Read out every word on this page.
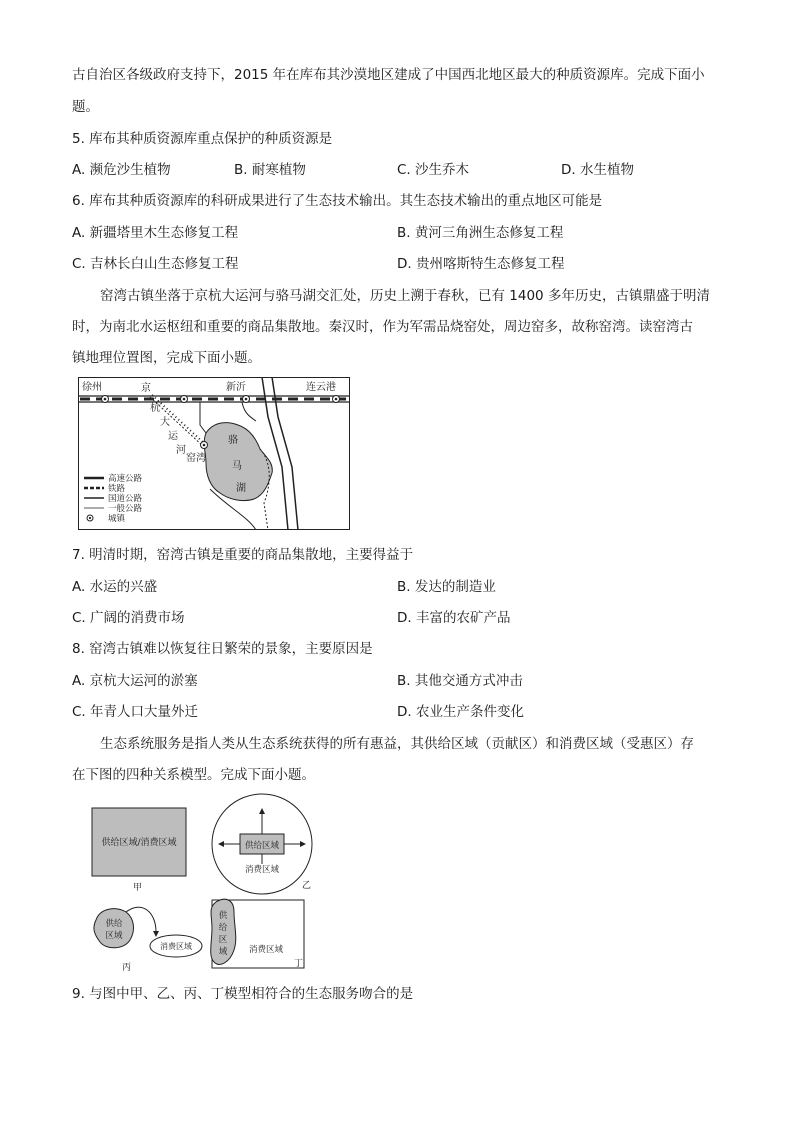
古自治区各级政府支持下，2015 年在库布其沙漠地区建成了中国西北地区最大的种质资源库。完成下面小
题。
5. 库布其种质资源库重点保护的种质资源是
A. 濒危沙生植物	B. 耐寒植物	C. 沙生乔木	D. 水生植物
6. 库布其种质资源库的科研成果进行了生态技术输出。其生态技术输出的重点地区可能是
A. 新疆塔里木生态修复工程	B. 黄河三角洲生态修复工程
C. 吉林长白山生态修复工程	D. 贵州喀斯特生态修复工程
窑湾古镇坐落于京杭大运河与骆马湖交汇处，历史上溯于春秋，已有 1400 多年历史，古镇鼎盛于明清
时，为南北水运枢纽和重要的商品集散地。秦汉时，作为军需品烧窑处，周边窑多，故称窑湾。读窑湾古
镇地理位置图，完成下面小题。
徐州	新沂	连云港
京
杭
大
运
河
骆
马
湖
窑湾
高速公路
铁路
国道公路
一般公路
城镇
7. 明清时期，窑湾古镇是重要的商品集散地，主要得益于
A. 水运的兴盛	B. 发达的制造业
C. 广阔的消费市场	D. 丰富的农矿产品
8. 窑湾古镇难以恢复往日繁荣的景象，主要原因是
A. 京杭大运河的淤塞	B. 其他交通方式冲击
C. 年青人口大量外迁	D. 农业生产条件变化
生态系统服务是指人类从生态系统获得的所有惠益，其供给区域（贡献区）和消费区域（受惠区）存
在下图的四种关系模型。完成下面小题。
供给区域/消费区域
甲
供给区域
消费区域
乙
供给
区域
消费区域
丙
供
给
区
域	消费区域
丁
9. 与图中甲、乙、丙、丁模型相符合的生态服务吻合的是
